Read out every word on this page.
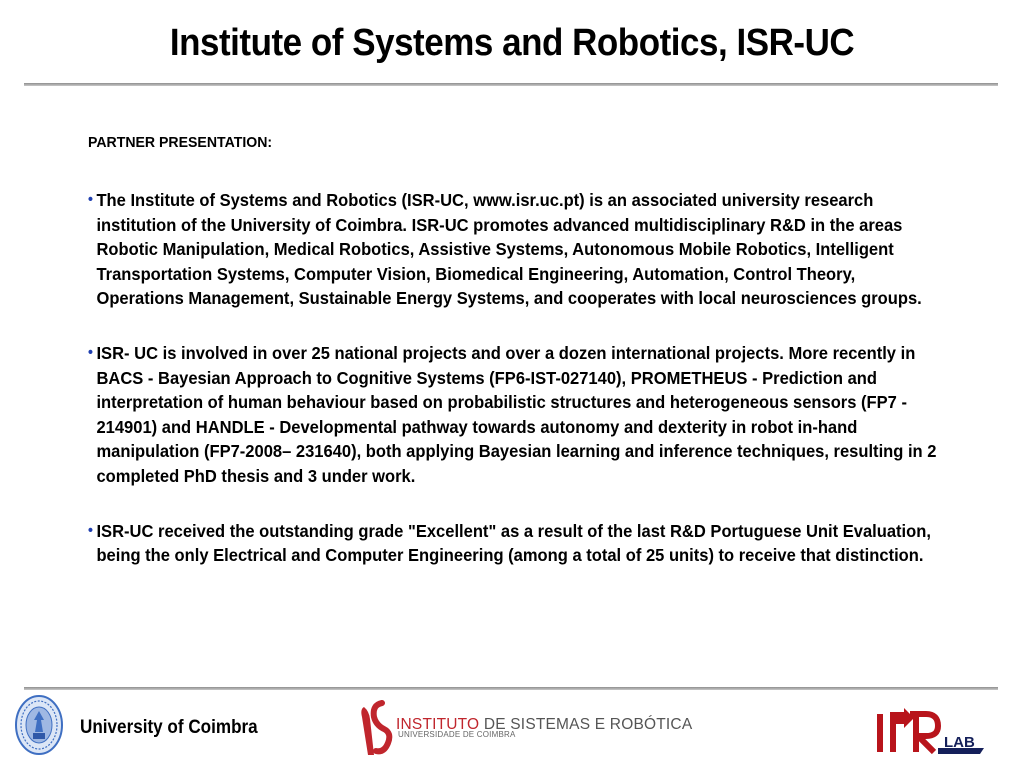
Institute of Systems and Robotics, ISR-UC
PARTNER PRESENTATION:
• The Institute of Systems and Robotics (ISR-UC, www.isr.uc.pt) is an associated university research institution of the University of Coimbra. ISR-UC promotes advanced multidisciplinary R&D in the areas Robotic Manipulation, Medical Robotics, Assistive Systems, Autonomous Mobile Robotics, Intelligent Transportation Systems, Computer Vision, Biomedical Engineering, Automation, Control Theory, Operations Management, Sustainable Energy Systems, and cooperates with local neurosciences groups.
• ISR- UC is involved in over 25 national projects and over a dozen international projects. More recently in BACS - Bayesian Approach to Cognitive Systems (FP6-IST-027140), PROMETHEUS - Prediction and interpretation of human behaviour based on probabilistic structures and heterogeneous sensors (FP7 - 214901) and HANDLE - Developmental pathway towards autonomy and dexterity in robot in-hand manipulation (FP7-2008– 231640), both applying Bayesian learning and inference techniques, resulting in 2 completed PhD thesis and 3 under work.
• ISR-UC received the outstanding grade "Excellent" as a result of the last R&D Portuguese Unit Evaluation, being the only Electrical and Computer Engineering (among a total of 25 units) to receive that distinction.
University of Coimbra	INSTITUTO DE SISTEMAS E ROBÓTICA
UNIVERSIDADE DE COIMBRA	LAB
